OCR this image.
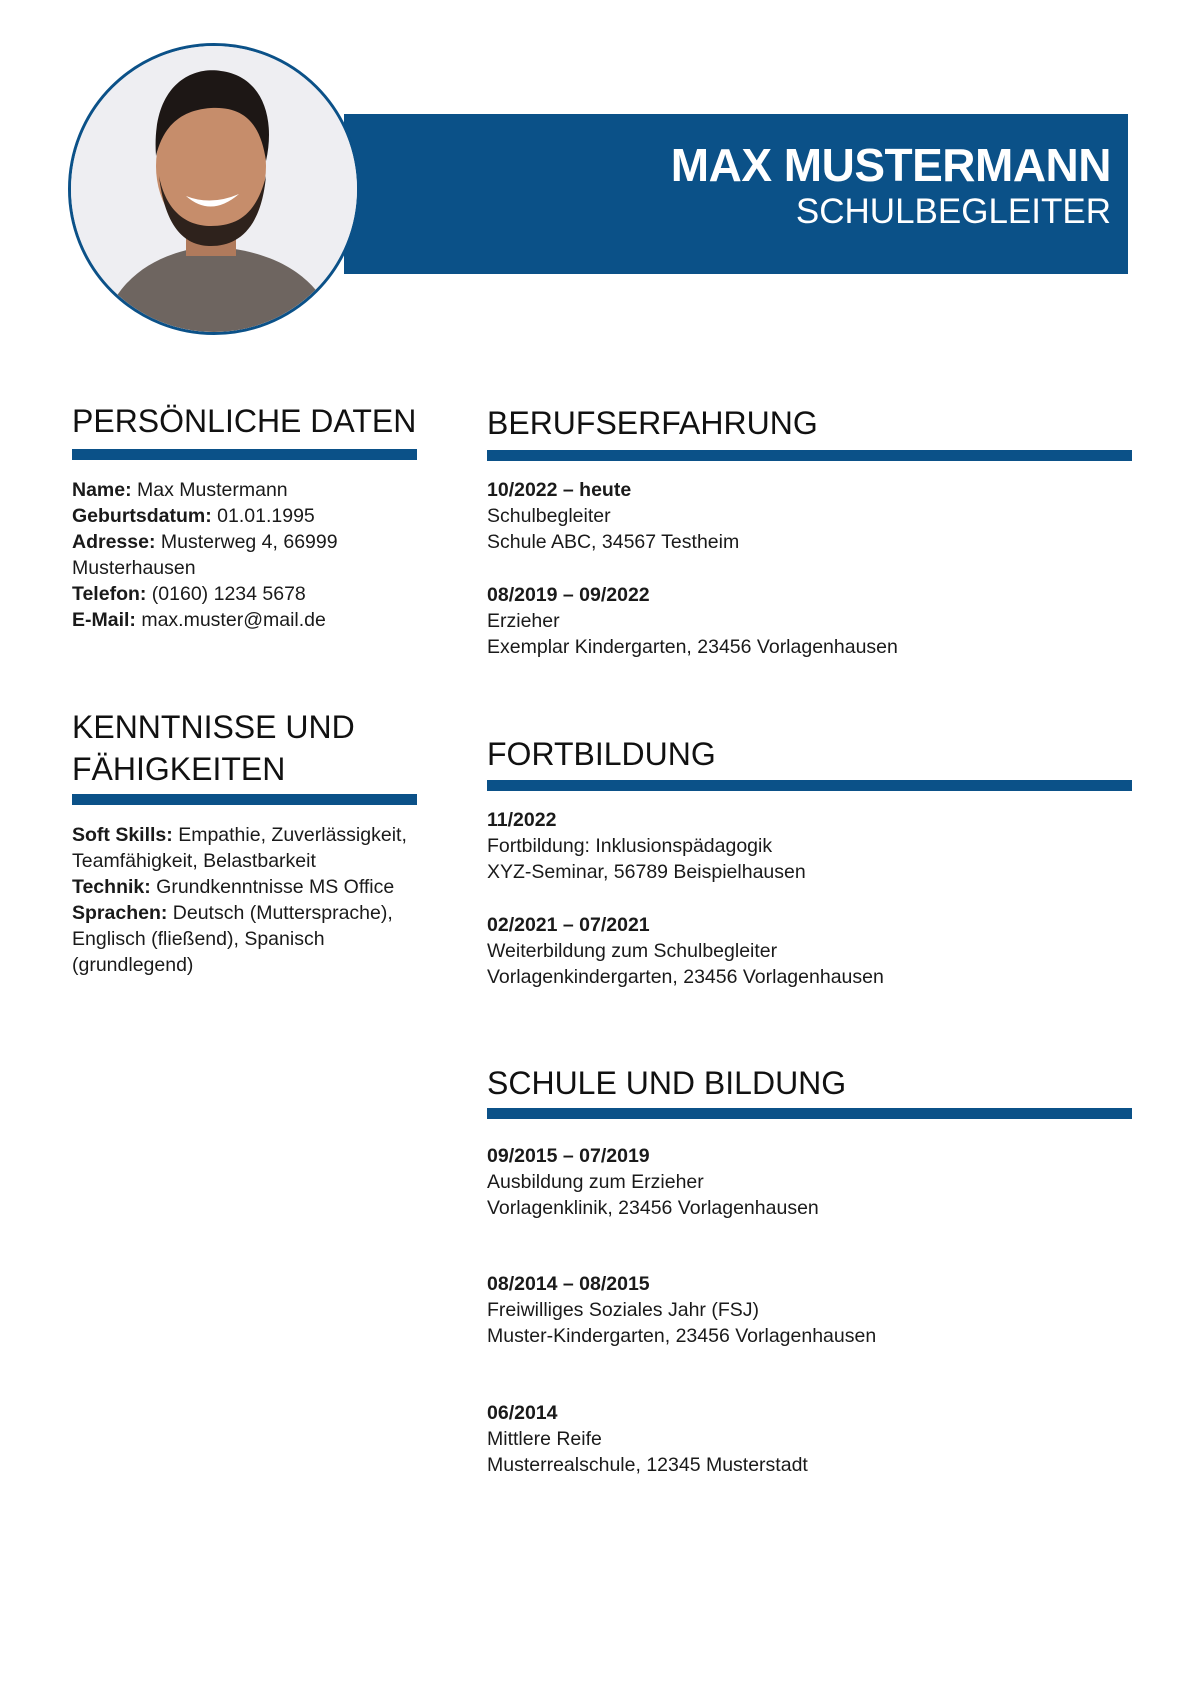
MAX MUSTERMANN
SCHULBEGLEITER
PERSÖNLICHE DATEN
Name: Max Mustermann
Geburtsdatum: 01.01.1995
Adresse: Musterweg 4, 66999 Musterhausen
Telefon: (0160) 1234 5678
E-Mail: max.muster@mail.de
KENNTNISSE UND
FÄHIGKEITEN
Soft Skills: Empathie, Zuverlässigkeit, Teamfähigkeit, Belastbarkeit
Technik: Grundkenntnisse MS Office
Sprachen: Deutsch (Muttersprache), Englisch (fließend), Spanisch (grundlegend)
BERUFSERFAHRUNG
10/2022 – heute
Schulbegleiter
Schule ABC, 34567 Testheim
08/2019 – 09/2022
Erzieher
Exemplar Kindergarten, 23456 Vorlagenhausen
FORTBILDUNG
11/2022
Fortbildung: Inklusionspädagogik
XYZ-Seminar, 56789 Beispielhausen
02/2021 – 07/2021
Weiterbildung zum Schulbegleiter
Vorlagenkindergarten, 23456 Vorlagenhausen
SCHULE UND BILDUNG
09/2015 – 07/2019
Ausbildung zum Erzieher
Vorlagenklinik, 23456 Vorlagenhausen
08/2014 – 08/2015
Freiwilliges Soziales Jahr (FSJ)
Muster-Kindergarten, 23456 Vorlagenhausen
06/2014
Mittlere Reife
Musterrealschule, 12345 Musterstadt
